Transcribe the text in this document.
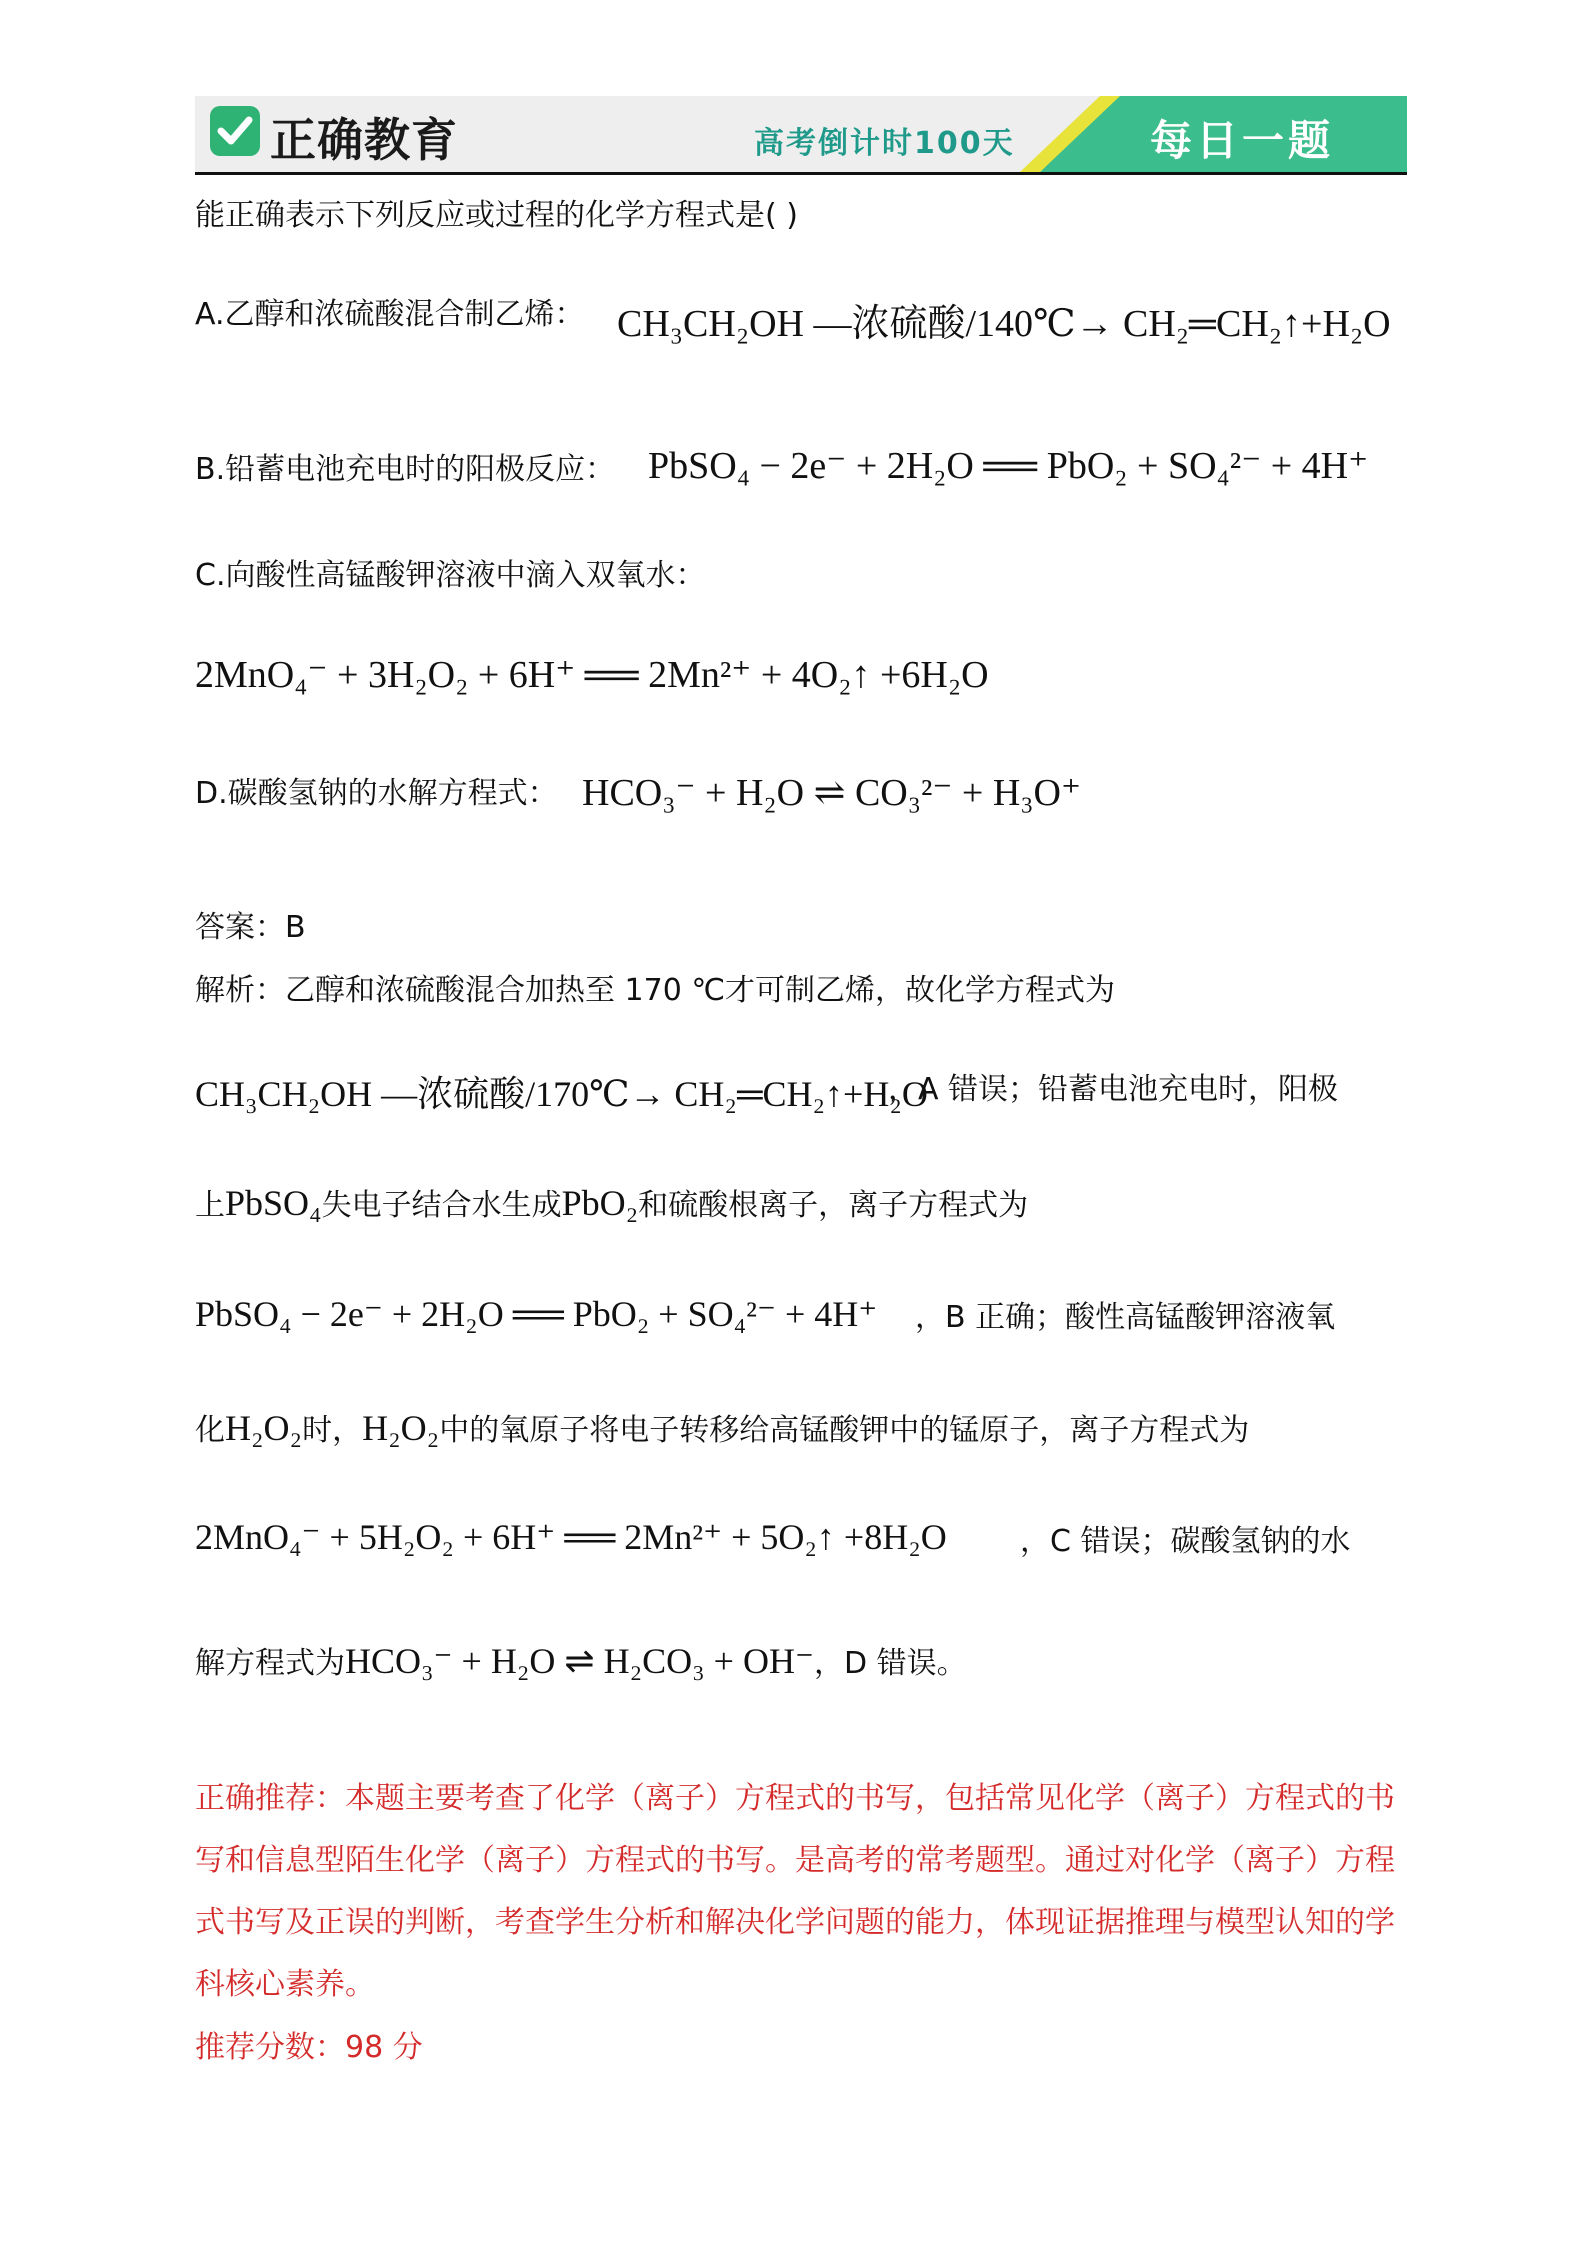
正确教育	高考倒计时100天	每日一题
能正确表示下列反应或过程的化学方程式是( )
A.乙醇和浓硫酸混合制乙烯： CH₃CH₂OH —浓硫酸/140℃→ CH₂═CH₂↑+H₂O
B.铅蓄电池充电时的阳极反应： PbSO₄ − 2e⁻ + 2H₂O ══ PbO₂ + SO₄²⁻ + 4H⁺
C.向酸性高锰酸钾溶液中滴入双氧水：
2MnO₄⁻ + 3H₂O₂ + 6H⁺ ══ 2Mn²⁺ + 4O₂↑ +6H₂O
D.碳酸氢钠的水解方程式： HCO₃⁻ + H₂O ⇌ CO₃²⁻ + H₃O⁺
答案：B
解析：乙醇和浓硫酸混合加热至 170 ℃才可制乙烯，故化学方程式为
CH₃CH₂OH —浓硫酸/170℃→ CH₂═CH₂↑+H₂O
，A 错误；铅蓄电池充电时，阳极
上PbSO₄失电子结合水生成PbO₂和硫酸根离子，离子方程式为
PbSO₄ − 2e⁻ + 2H₂O ══ PbO₂ + SO₄²⁻ + 4H⁺ ，B 正确；酸性高锰酸钾溶液氧
化H₂O₂时，H₂O₂中的氧原子将电子转移给高锰酸钾中的锰原子，离子方程式为
2MnO₄⁻ + 5H₂O₂ + 6H⁺ ══ 2Mn²⁺ + 5O₂↑ +8H₂O ，C 错误；碳酸氢钠的水
解方程式为HCO₃⁻ + H₂O ⇌ H₂CO₃ + OH⁻，D 错误。
正确推荐：本题主要考查了化学（离子）方程式的书写，包括常见化学（离子）方程式的书写和信息型陌生化学（离子）方程式的书写。是高考的常考题型。通过对化学（离子）方程式书写及正误的判断，考查学生分析和解决化学问题的能力，体现证据推理与模型认知的学科核心素养。
推荐分数：98 分
